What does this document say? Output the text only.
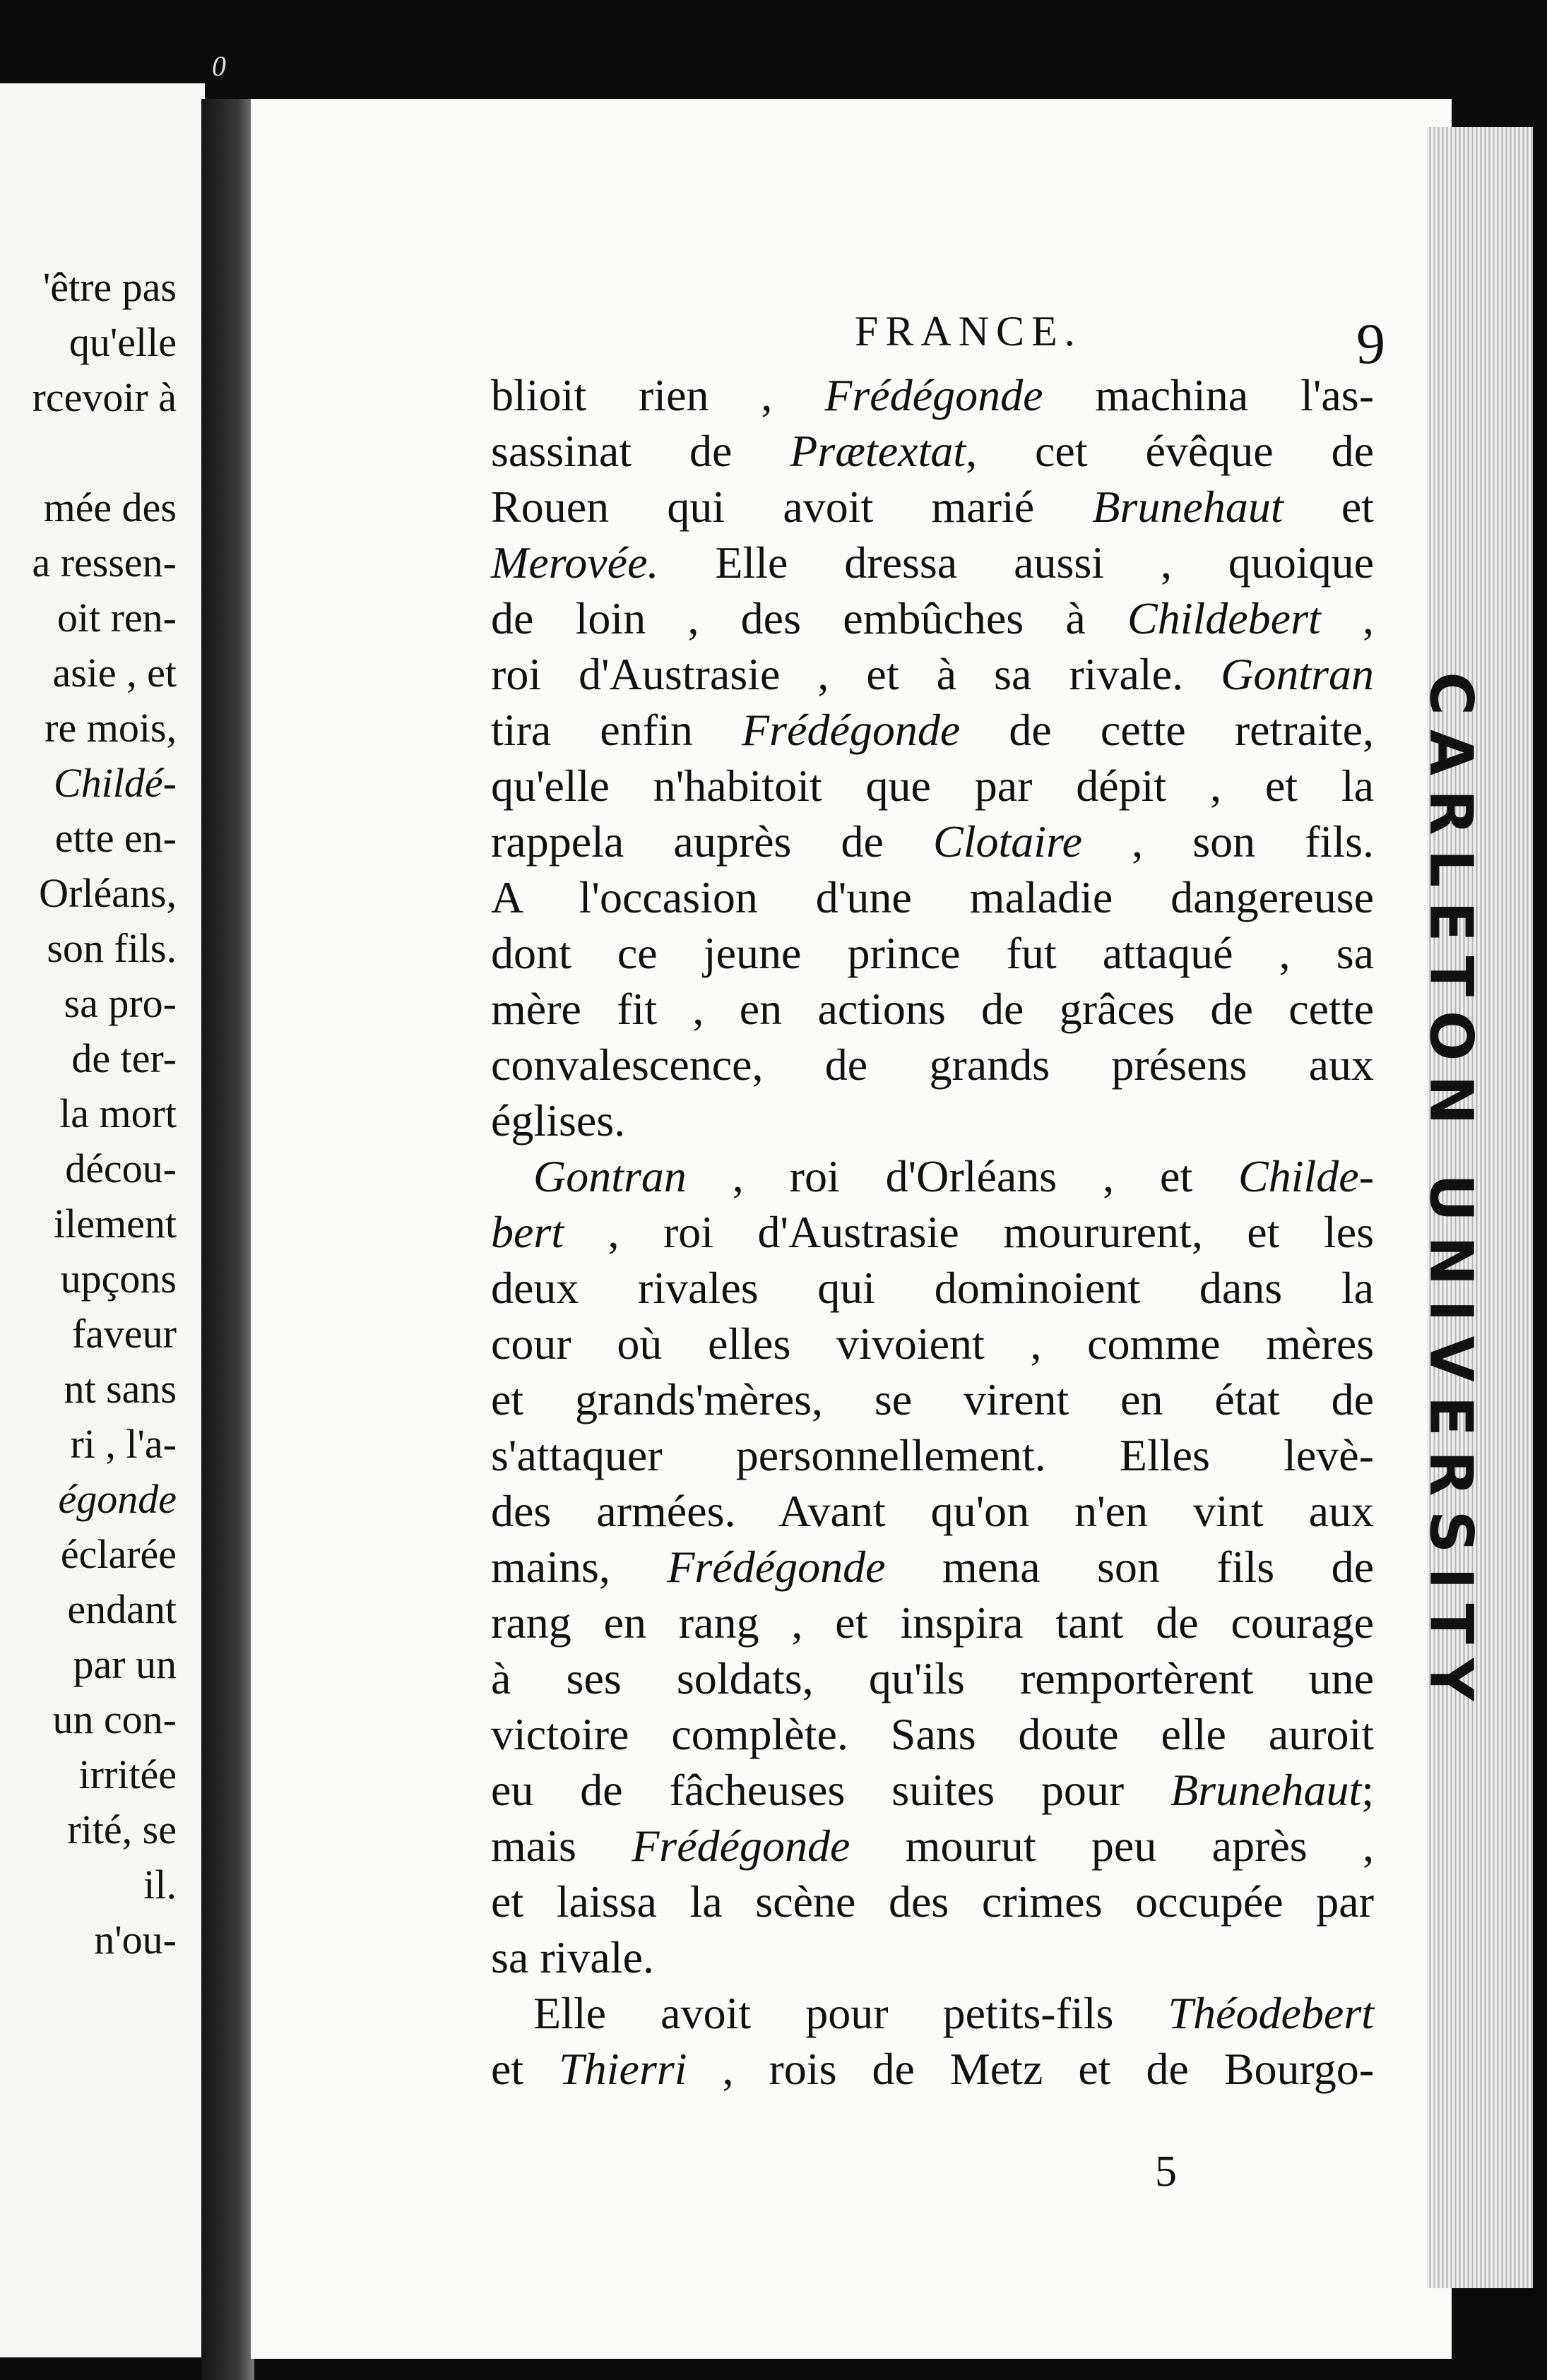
0
'être pas
qu'elle
rcevoir à

mée des
a ressen-
oit ren-
asie , et
re mois,
Childé-
ette en-
Orléans,
son fils.
sa pro-
de ter-
la mort
décou-
ilement
upçons
faveur
nt sans
ri , l'a-
égonde
éclarée
endant
par un
un con-
irritée
rité, se
il.
n'ou-
FRANCE.	9
blioit rien , Frédégonde machina l'as-
sassinat de Prætextat, cet évêque de
Rouen qui avoit marié Brunehaut et
Merovée. Elle dressa aussi , quoique
de loin , des embûches à Childebert ,
roi d'Austrasie , et à sa rivale. Gontran
tira enfin Frédégonde de cette retraite,
qu'elle n'habitoit que par dépit , et la
rappela auprès de Clotaire , son fils.
A l'occasion d'une maladie dangereuse
dont ce jeune prince fut attaqué , sa
mère fit , en actions de grâces de cette
convalescence, de grands présens aux
églises.
Gontran , roi d'Orléans , et Childe-
bert , roi d'Austrasie moururent, et les
deux rivales qui dominoient dans la
cour où elles vivoient , comme mères
et grands'mères, se virent en état de
s'attaquer personnellement. Elles levè-
des armées. Avant qu'on n'en vint aux
mains, Frédégonde mena son fils de
rang en rang , et inspira tant de courage
à ses soldats, qu'ils remportèrent une
victoire complète. Sans doute elle auroit
eu de fâcheuses suites pour Brunehaut;
mais Frédégonde mourut peu après ,
et laissa la scène des crimes occupée par
sa rivale.
Elle avoit pour petits-fils Théodebert
et Thierri , rois de Metz et de Bourgo-
5
CARLETON UNIVERSITY
